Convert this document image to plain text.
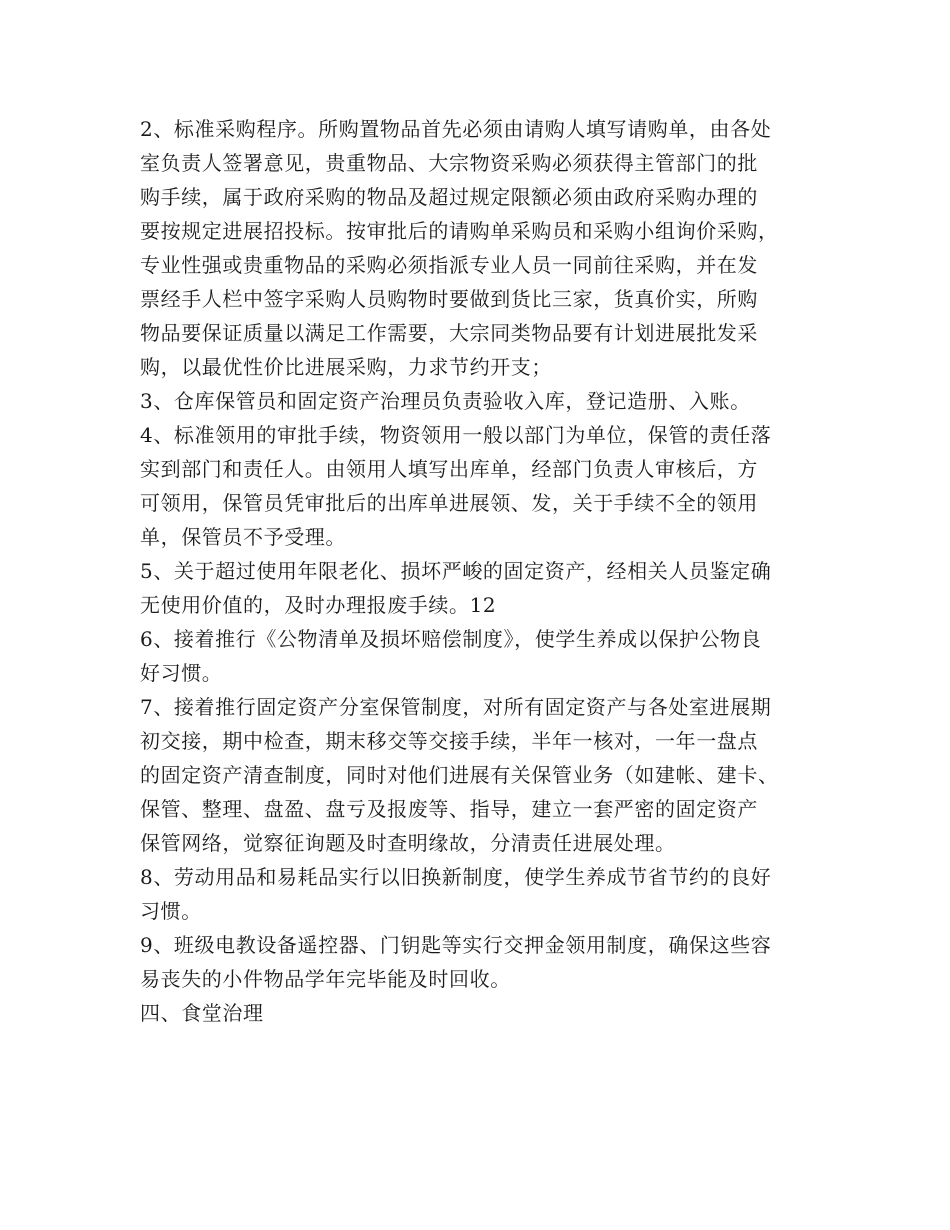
2、标准采购程序。所购置物品首先必须由请购人填写请购单，由各处
室负责人签署意见，贵重物品、大宗物资采购必须获得主管部门的批
购手续，属于政府采购的物品及超过规定限额必须由政府采购办理的
要按规定进展招投标。按审批后的请购单采购员和采购小组询价采购，
专业性强或贵重物品的采购必须指派专业人员一同前往采购，并在发
票经手人栏中签字采购人员购物时要做到货比三家，货真价实，所购
物品要保证质量以满足工作需要，大宗同类物品要有计划进展批发采
购，以最优性价比进展采购，力求节约开支；
3、仓库保管员和固定资产治理员负责验收入库，登记造册、入账。
4、标准领用的审批手续，物资领用一般以部门为单位，保管的责任落
实到部门和责任人。由领用人填写出库单，经部门负责人审核后，方
可领用，保管员凭审批后的出库单进展领、发，关于手续不全的领用
单，保管员不予受理。
5、关于超过使用年限老化、损坏严峻的固定资产，经相关人员鉴定确
无使用价值的，及时办理报废手续。12
6、接着推行《公物清单及损坏赔偿制度》，使学生养成以保护公物良
好习惯。
7、接着推行固定资产分室保管制度，对所有固定资产与各处室进展期
初交接，期中检查，期末移交等交接手续，半年一核对，一年一盘点
的固定资产清查制度，同时对他们进展有关保管业务（如建帐、建卡、
保管、整理、盘盈、盘亏及报废等、指导，建立一套严密的固定资产
保管网络，觉察征询题及时查明缘故，分清责任进展处理。
8、劳动用品和易耗品实行以旧换新制度，使学生养成节省节约的良好
习惯。
9、班级电教设备遥控器、门钥匙等实行交押金领用制度，确保这些容
易丧失的小件物品学年完毕能及时回收。
四、食堂治理
